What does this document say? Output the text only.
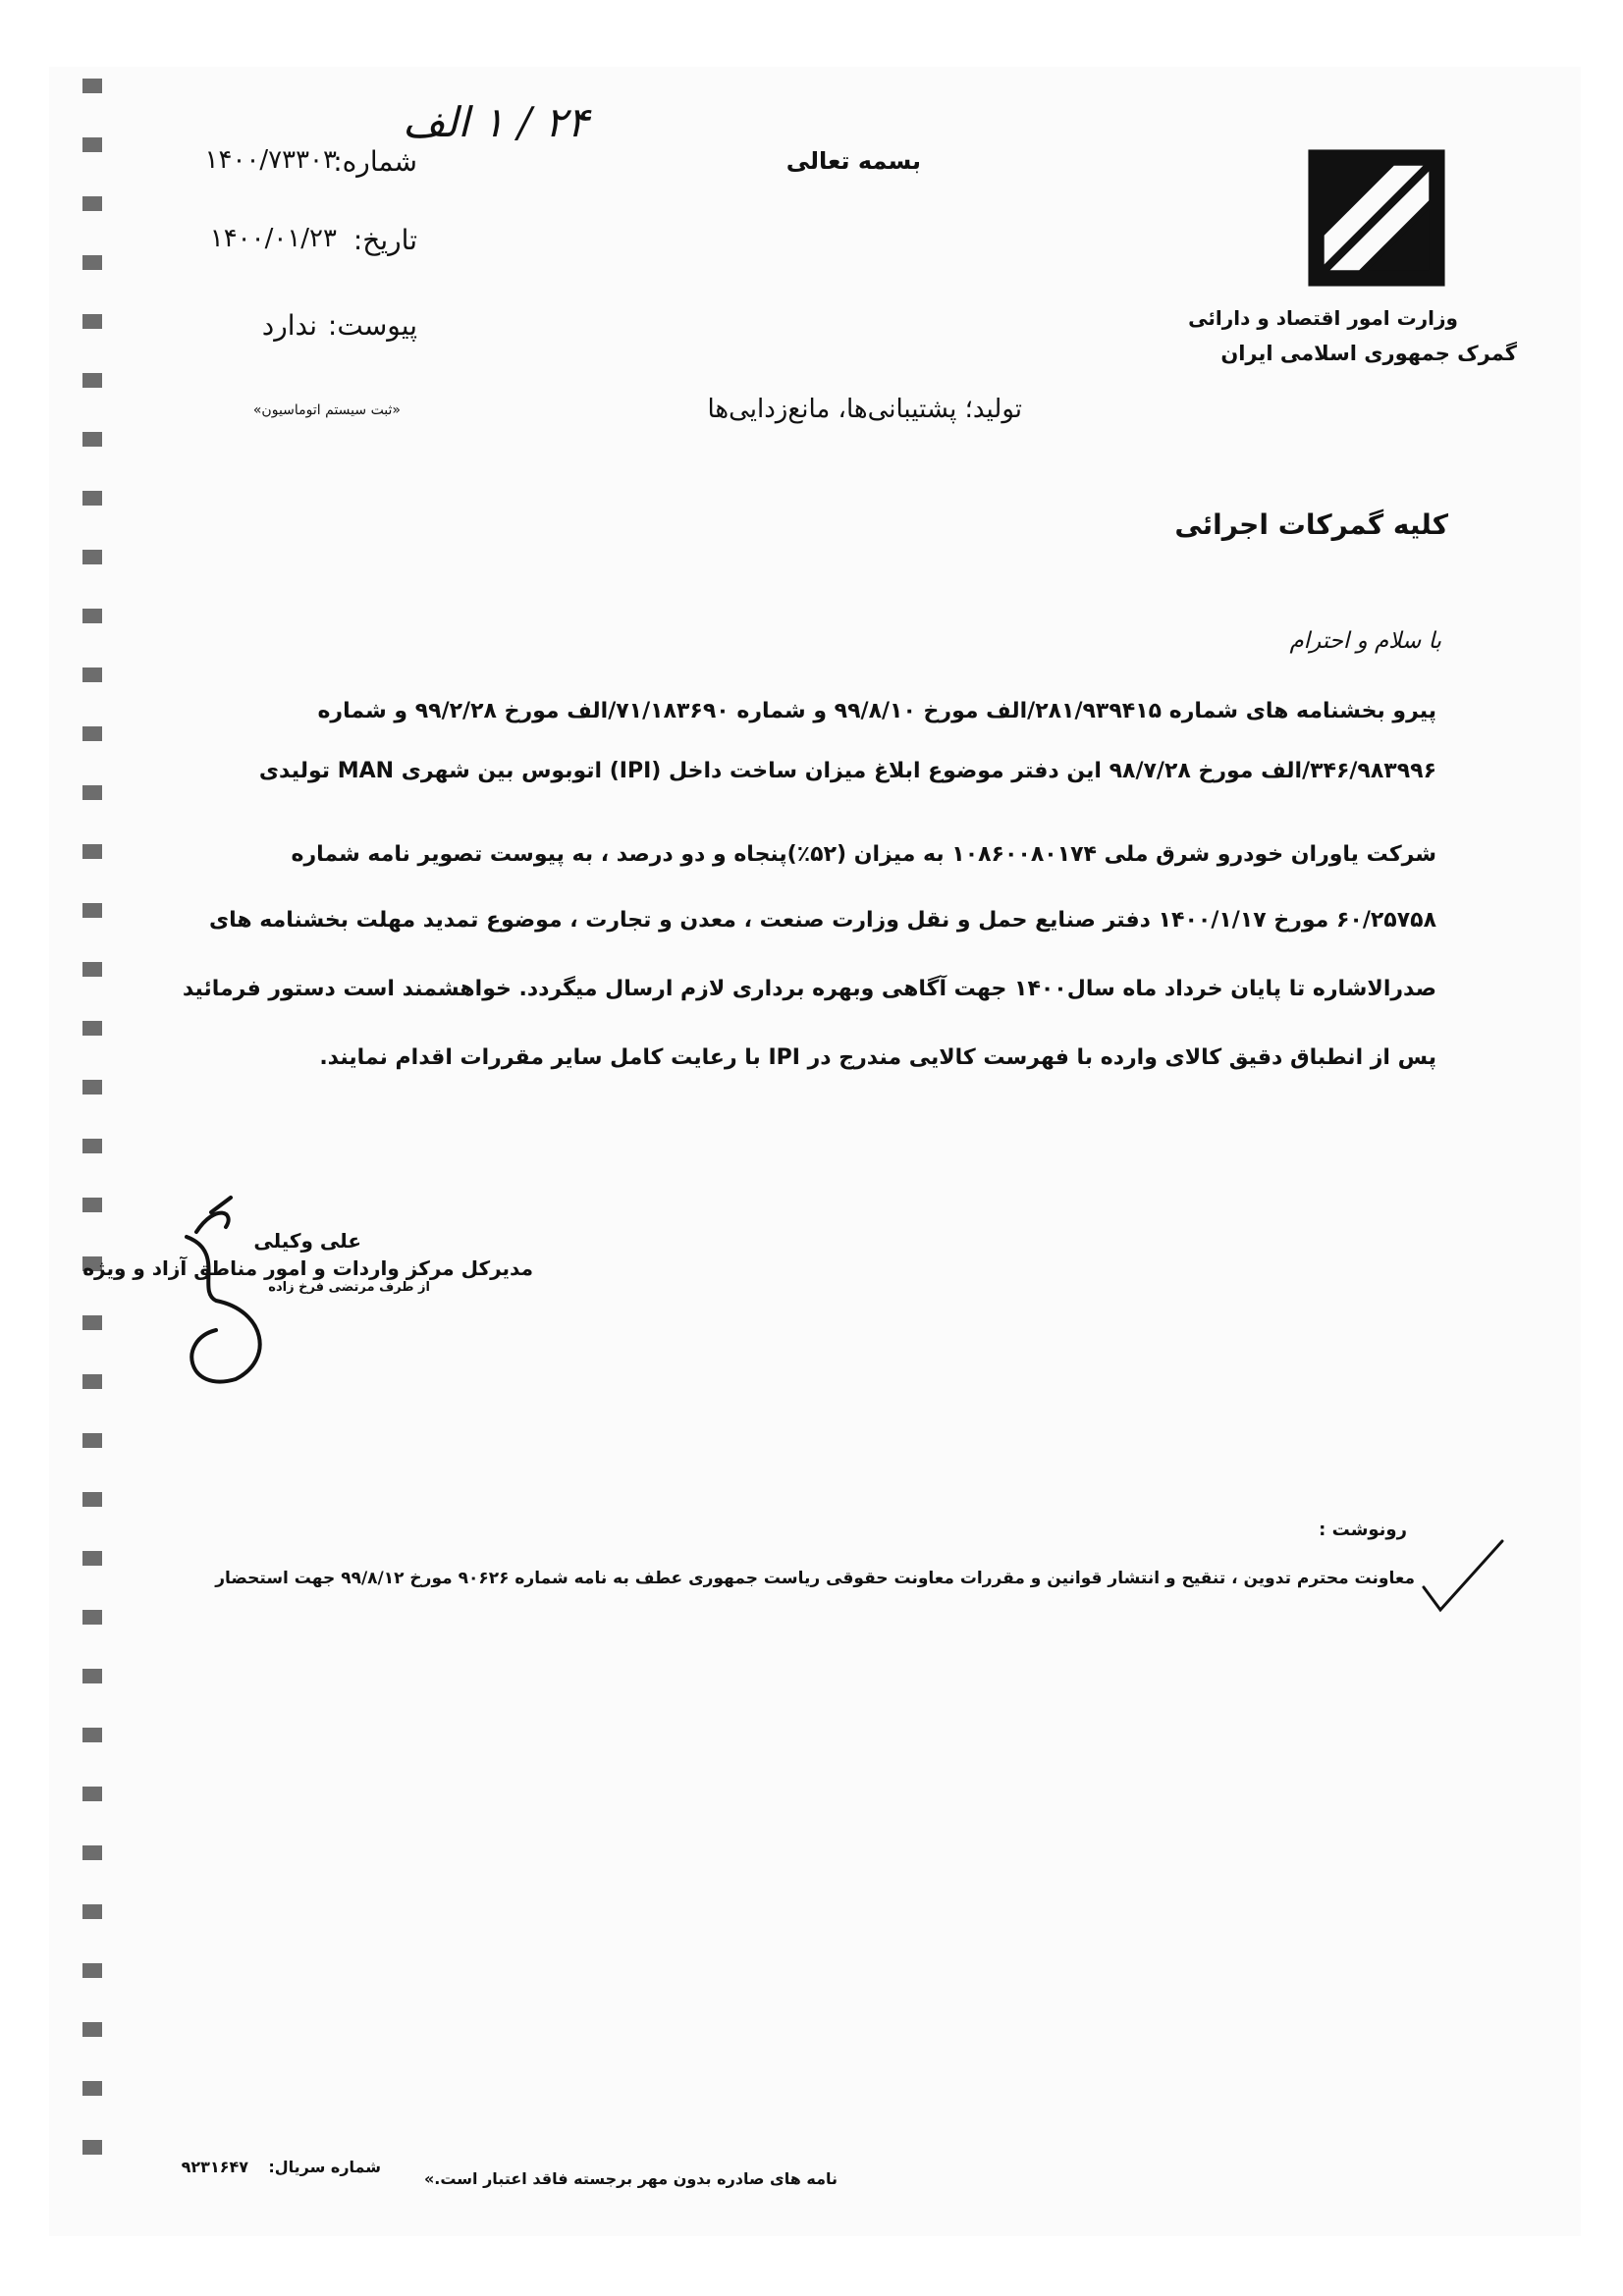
وزارت امور اقتصاد و دارائی
گمرک جمهوری اسلامی ایران
بسمه تعالی
شماره:
۱۴۰۰/۷۳۳۰۳
۲۴ / ۱ الف
تاریخ:
۱۴۰۰/۰۱/۲۳
پیوست:
ندارد
«ثبت سیستم اتوماسیون»	تولید؛ پشتیبانی‌ها، مانع‌زدایی‌ها
کلیه گمرکات اجرائی
با سلام و احترام
پیرو بخشنامه های شماره ۲۸۱/۹۳۹۴۱۵/الف مورخ ۹۹/۸/۱۰ و شماره ۷۱/۱۸۳۶۹۰/الف مورخ ۹۹/۲/۲۸ و شماره
۳۴۶/۹۸۳۹۹۶/الف مورخ ۹۸/۷/۲۸ این دفتر موضوع ابلاغ میزان ساخت داخل (IPI) اتوبوس بین شهری MAN تولیدی
شرکت یاوران خودرو شرق ملی ۱۰۸۶۰۰۸۰۱۷۴ به میزان (۵۲٪)پنجاه و دو درصد ، به پیوست تصویر نامه شماره
۶۰/۲۵۷۵۸ مورخ ۱۴۰۰/۱/۱۷ دفتر صنایع حمل و نقل وزارت صنعت ، معدن و تجارت ، موضوع تمدید مهلت بخشنامه های
صدرالاشاره تا پایان خرداد ماه سال۱۴۰۰ جهت آگاهی وبهره برداری لازم ارسال میگردد. خواهشمند است دستور فرمائید
پس از انطباق دقیق کالای وارده با فهرست کالایی مندرج در IPI با رعایت کامل سایر مقررات اقدام نمایند.
علی وکیلی
مدیرکل مرکز واردات و امور مناطق آزاد و ویژه
از طرف مرتضی فرخ زاده
رونوشت :
معاونت محترم تدوین ، تنقیح و انتشار قوانین و مقررات معاونت حقوقی ریاست جمهوری عطف به نامه شماره ۹۰۶۲۶ مورخ ۹۹/۸/۱۲ جهت استحضار
نامه های صادره بدون مهر برجسته فاقد اعتبار است.»
شماره سریال:
۹۲۳۱۶۴۷
